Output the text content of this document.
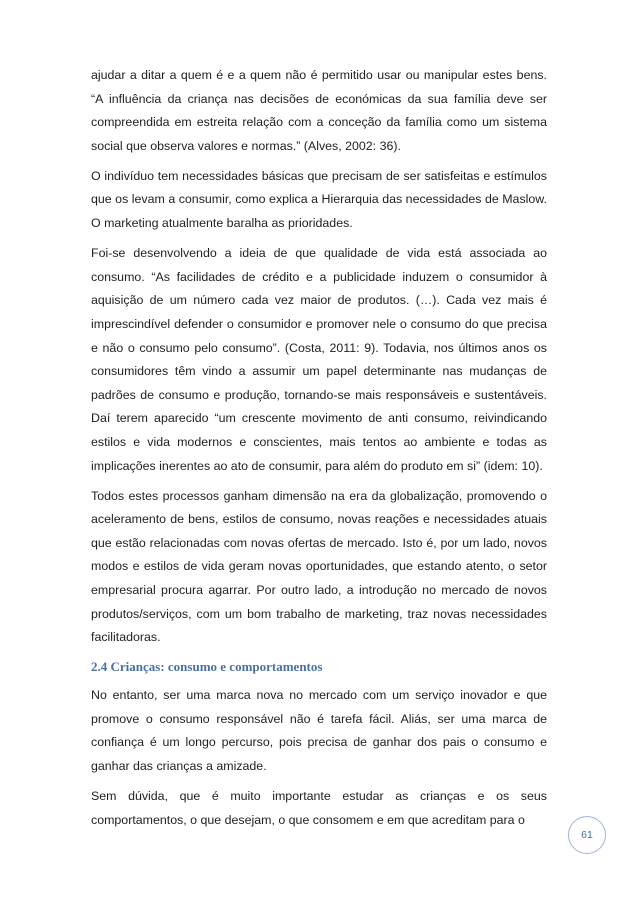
ajudar a ditar a quem é e a quem não é permitido usar ou manipular estes bens. “A influência da criança nas decisões de económicas da sua família deve ser compreendida em estreita relação com a conceção da família como um sistema social que observa valores e normas.” (Alves, 2002: 36).

O indivíduo tem necessidades básicas que precisam de ser satisfeitas e estímulos que os levam a consumir, como explica a Hierarquia das necessidades de Maslow. O marketing atualmente baralha as prioridades.

Foi-se desenvolvendo a ideia de que qualidade de vida está associada ao consumo. “As facilidades de crédito e a publicidade induzem o consumidor à aquisição de um número cada vez maior de produtos. (…). Cada vez mais é imprescindível defender o consumidor e promover nele o consumo do que precisa e não o consumo pelo consumo”. (Costa, 2011: 9). Todavia, nos últimos anos os consumidores têm vindo a assumir um papel determinante nas mudanças de padrões de consumo e produção, tornando-se mais responsáveis e sustentáveis. Daí terem aparecido “um crescente movimento de anti consumo, reivindicando estilos e vida modernos e conscientes, mais tentos ao ambiente e todas as implicações inerentes ao ato de consumir, para além do produto em si” (idem: 10).

Todos estes processos ganham dimensão na era da globalização, promovendo o aceleramento de bens, estilos de consumo, novas reações e necessidades atuais que estão relacionadas com novas ofertas de mercado. Isto é, por um lado, novos modos e estilos de vida geram novas oportunidades, que estando atento, o setor empresarial procura agarrar. Por outro lado, a introdução no mercado de novos produtos/serviços, com um bom trabalho de marketing, traz novas necessidades facilitadoras.

2.4 Crianças: consumo e comportamentos

No entanto, ser uma marca nova no mercado com um serviço inovador e que promove o consumo responsável não é tarefa fácil. Aliás, ser uma marca de confiança é um longo percurso, pois precisa de ganhar dos pais o consumo e ganhar das crianças a amizade.

Sem dúvida, que é muito importante estudar as crianças e os seus comportamentos, o que desejam, o que consomem e em que acreditam para o

61
